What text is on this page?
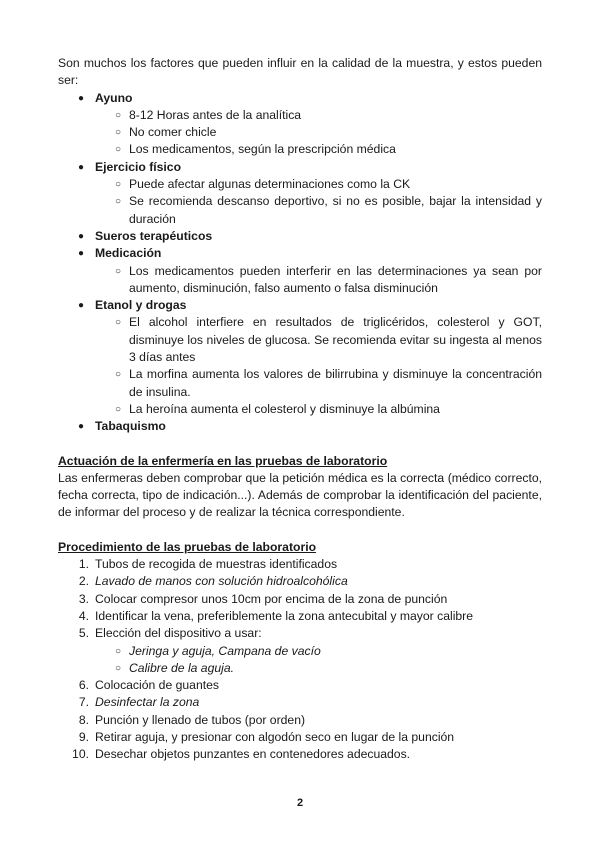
Son muchos los factores que pueden influir en la calidad de la muestra, y estos pueden ser:

● Ayuno
○ 8-12 Horas antes de la analítica
○ No comer chicle
○ Los medicamentos, según la prescripción médica
● Ejercicio físico
○ Puede afectar algunas determinaciones como la CK
○ Se recomienda descanso deportivo, si no es posible, bajar la intensidad y duración
● Sueros terapéuticos
● Medicación
○ Los medicamentos pueden interferir en las determinaciones ya sean por aumento, disminución, falso aumento o falsa disminución
● Etanol y drogas
○ El alcohol interfiere en resultados de triglicéridos, colesterol y GOT, disminuye los niveles de glucosa. Se recomienda evitar su ingesta al menos 3 días antes
○ La morfina aumenta los valores de bilirrubina y disminuye la concentración de insulina.
○ La heroína aumenta el colesterol y disminuye la albúmina
● Tabaquismo
Actuación de la enfermería en las pruebas de laboratorio

Las enfermeras deben comprobar que la petición médica es la correcta (médico correcto, fecha correcta, tipo de indicación...). Además de comprobar la identificación del paciente, de informar del proceso y de realizar la técnica correspondiente.

Procedimiento de las pruebas de laboratorio
1. Tubos de recogida de muestras identificados
2. Lavado de manos con solución hidroalcohólica
3. Colocar compresor unos 10cm por encima de la zona de punción
4. Identificar la vena, preferiblemente la zona antecubital y mayor calibre
5. Elección del dispositivo a usar:
○ Jeringa y aguja, Campana de vacío
○ Calibre de la aguja.
6. Colocación de guantes
7. Desinfectar la zona
8. Punción y llenado de tubos (por orden)
9. Retirar aguja, y presionar con algodón seco en lugar de la punción
10. Desechar objetos punzantes en contenedores adecuados.
2
